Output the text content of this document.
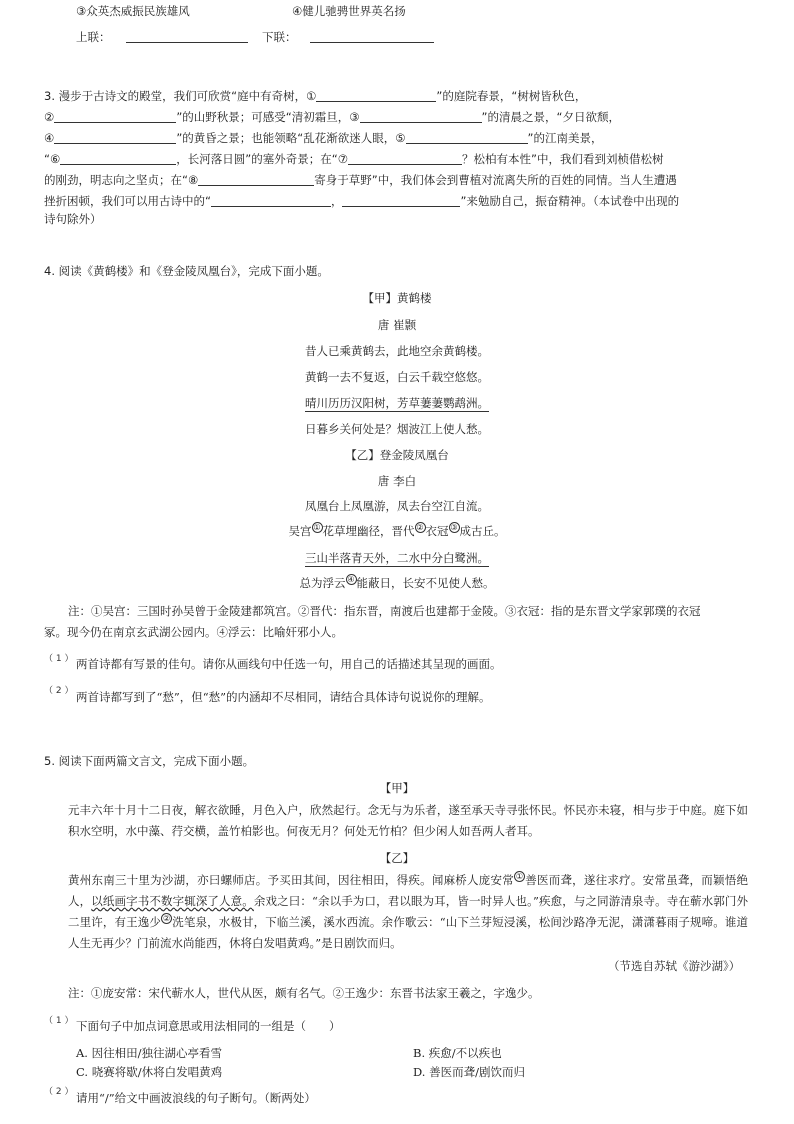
③众英杰威振民族雄风	④健儿驰骋世界英名扬
上联：	下联：
3. 漫步于古诗文的殿堂，我们可欣赏“庭中有奇树，①	”的庭院春景，“树树皆秋色，
②	”的山野秋景；可感受“清初霜旦，③	”的清晨之景，“夕日欲颓，
④	”的黄昏之景；也能领略“乱花渐欲迷人眼，⑤	”的江南美景，
“⑥	，长河落日圆”的塞外奇景；在“⑦	？松柏有本性”中，我们看到刘桢借松树
的刚劲，明志向之坚贞；在“⑧	寄身于草野”中，我们体会到曹植对流离失所的百姓的同情。当人生遭遇
挫折困顿，我们可以用古诗中的“	，	”来勉励自己，振奋精神。（本试卷中出现的
诗句除外）
4. 阅读《黄鹤楼》和《登金陵凤凰台》，完成下面小题。
【甲】黄鹤楼
唐 崔颢
昔人已乘黄鹤去，此地空余黄鹤楼。
黄鹤一去不复返，白云千载空悠悠。
晴川历历汉阳树，芳草萋萋鹦鹉洲。
日暮乡关何处是？烟波江上使人愁。
【乙】登金陵凤凰台
唐 李白
凤凰台上凤凰游，凤去台空江自流。
吴宫 ① 花草埋幽径，晋代 ② 衣冠 ③ 成古丘。
三山半落青天外，二水中分白鹭洲。
总为浮云 ④ 能蔽日，长安不见使人愁。
注：①吴宫：三国时孙吴曾于金陵建都筑宫。②晋代：指东晋，南渡后也建都于金陵。③衣冠：指的是东晋文学家郭璞的衣冠
冢。现今仍在南京玄武湖公园内。④浮云：比喻奸邪小人。
（ 1 ） 两首诗都有写景的佳句。请你从画线句中任选一句，用自己的话描述其呈现的画面。
（ 2 ） 两首诗都写到了“愁”，但“愁”的内涵却不尽相同，请结合具体诗句说说你的理解。
5. 阅读下面两篇文言文，完成下面小题。
【甲】
元丰六年十月十二日夜，解衣欲睡，月色入户，欣然起行。念无与为乐者，遂至承天寺寻张怀民。怀民亦未寝，相与步于中庭。庭下如积水空明，水中藻、荇交横，盖竹柏影也。何夜无月？何处无竹柏？但少闲人如吾两人者耳。
【乙】
黄州东南三十里为沙湖，亦曰螺师店。予买田其间，因往相田，得疾。闻麻桥人庞安常 ① 善医而聋，遂往求疗。安常虽聋，而颖悟绝人，以纸画字书不数字辄深了人意。余戏之曰：“余以手为口，君以眼为耳，皆一时异人也。”疾愈，与之同游清泉寺。寺在蕲水郭门外二里许，有王逸少 ② 洗笔泉，水极甘，下临兰溪，溪水西流。余作歌云：“山下兰芽短浸溪，松间沙路净无泥，潇潇暮雨子规啼。谁道人生无再少？门前流水尚能西，休将白发唱黄鸡。”是日剧饮而归。
（节选自苏轼《游沙湖》）
注：①庞安常：宋代蕲水人，世代从医，颇有名气。②王逸少：东晋书法家王羲之，字逸少。
（ 1 ） 下面句子中加点词意思或用法相同的一组是（　　）
A. 因往相田/独往湖心亭看雪	B. 疾愈/不以疾也
C. 哓赛将歇/休将白发唱黄鸡	D. 善医而聋/剧饮而归
（ 2 ） 请用“/”给文中画波浪线的句子断句。（断两处）
